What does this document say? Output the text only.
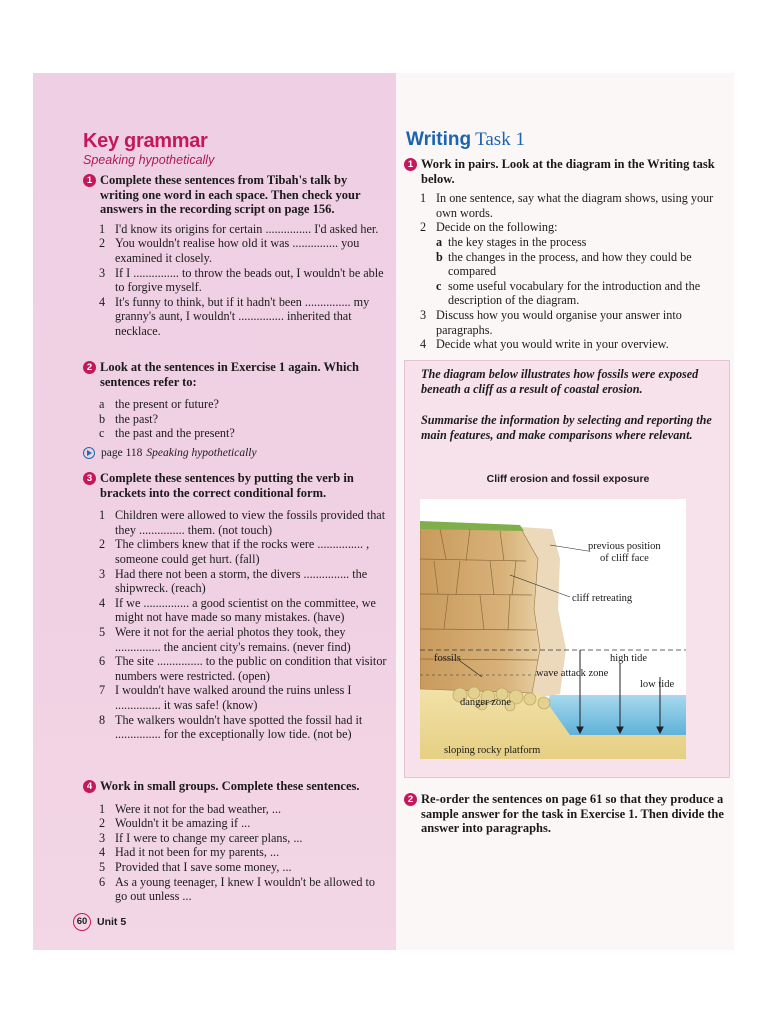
Key grammar

Speaking hypothetically

1 Complete these sentences from Tibah's talk by writing one word in each space. Then check your answers in the recording script on page 156.
1 I'd know its origins for certain ............... I'd asked her.
2 You wouldn't realise how old it was ............... you examined it closely.
3 If I ............... to throw the beads out, I wouldn't be able to forgive myself.
4 It's funny to think, but if it hadn't been ............... my granny's aunt, I wouldn't ............... inherited that necklace.
2 Look at the sentences in Exercise 1 again. Which sentences refer to:
a the present or future?
b the past?
c the past and the present?
page 118 Speaking hypothetically
3 Complete these sentences by putting the verb in brackets into the correct conditional form.
1 Children were allowed to view the fossils provided that they ............... them. (not touch)
2 The climbers knew that if the rocks were ............... , someone could get hurt. (fall)
3 Had there not been a storm, the divers ............... the shipwreck. (reach)
4 If we ............... a good scientist on the committee, we might not have made so many mistakes. (have)
5 Were it not for the aerial photos they took, they ............... the ancient city's remains. (never find)
6 The site ............... to the public on condition that visitor numbers were restricted. (open)
7 I wouldn't have walked around the ruins unless I ............... it was safe! (know)
8 The walkers wouldn't have spotted the fossil had it ............... for the exceptionally low tide. (not be)
4 Work in small groups. Complete these sentences.
1 Were it not for the bad weather, ...
2 Wouldn't it be amazing if ...
3 If I were to change my career plans, ...
4 Had it not been for my parents, ...
5 Provided that I save some money, ...
6 As a young teenager, I knew I wouldn't be allowed to go out unless ...
60 Unit 5
Writing Task 1
1 Work in pairs. Look at the diagram in the Writing task below.
1 In one sentence, say what the diagram shows, using your own words.
2 Decide on the following:
a the key stages in the process
b the changes in the process, and how they could be compared
c some useful vocabulary for the introduction and the description of the diagram.
3 Discuss how you would organise your answer into paragraphs.
4 Decide what you would write in your overview.

The diagram below illustrates how fossils were exposed beneath a cliff as a result of coastal erosion.

Summarise the information by selecting and reporting the main features, and make comparisons where relevant.

Cliff erosion and fossil exposure

previous position
of cliff face
cliff retreating
high tide
fossils
wave attack zone
low tide
danger zone
sloping rocky platform
2 Re-order the sentences on page 61 so that they produce a sample answer for the task in Exercise 1. Then divide the answer into paragraphs.
